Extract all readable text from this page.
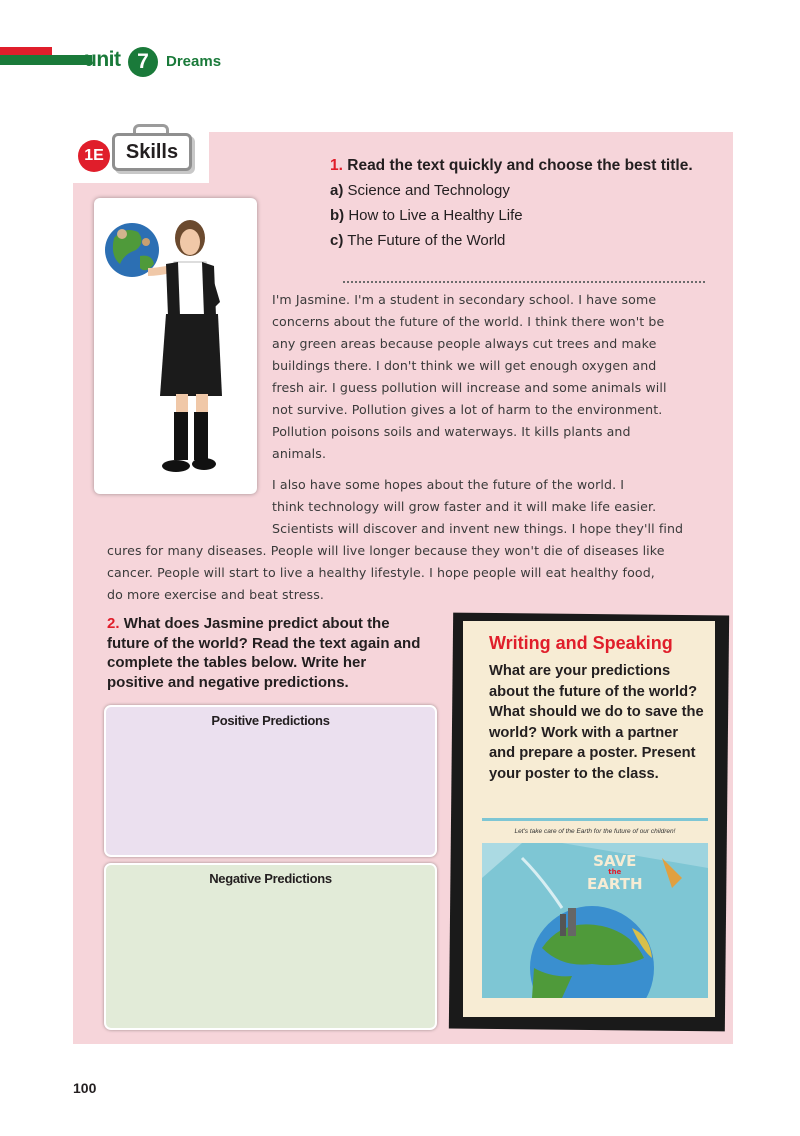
unit 7	Dreams
1E	Skills
1. Read the text quickly and choose the best title.
a) Science and Technology
b) How to Live a Healthy Life
c) The Future of the World
I'm Jasmine. I'm a student in secondary school. I have some
concerns about the future of the world. I think there won't be
any green areas because people always cut trees and make
buildings there. I don't think we will get enough oxygen and
fresh air. I guess pollution will increase and some animals will
not survive. Pollution gives a lot of harm to the environment.
Pollution poisons soils and waterways. It kills plants and
animals.
I also have some hopes about the future of the world. I
think technology will grow faster and it will make life easier.
Scientists will discover and invent new things. I hope they'll find
cures for many diseases. People will live longer because they won't die of diseases like
cancer. People will start to live a healthy lifestyle. I hope people will eat healthy food,
do more exercise and beat stress.
2. What does Jasmine predict about the future of the world? Read the text again and complete the tables below. Write her positive and negative predictions.
Positive Predictions
Negative Predictions
Writing and Speaking
What are your predictions about the future of the world? What should we do to save the world? Work with a partner and prepare a poster. Present your poster to the class.
Let's take care of the Earth for the future of our children!
SAVE
the
EARTH
100
